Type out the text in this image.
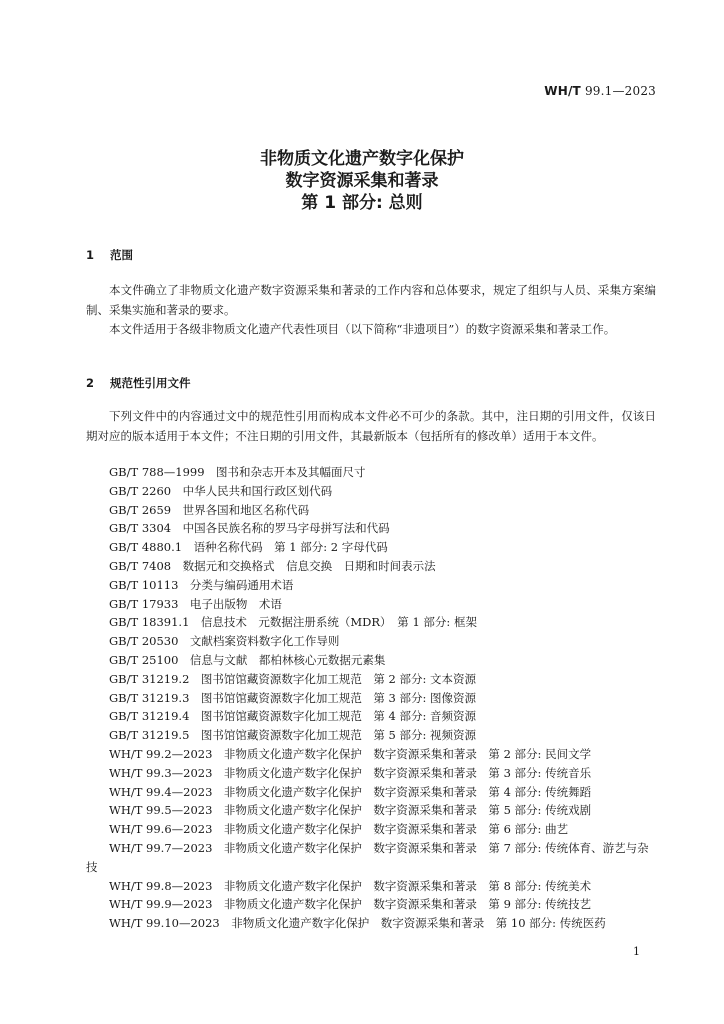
WH/T 99.1—2023
非物质文化遗产数字化保护
数字资源采集和著录
第 1 部分: 总则
1 范围
本文件确立了非物质文化遗产数字资源采集和著录的工作内容和总体要求，规定了组织与人员、采集方案编制、采集实施和著录的要求。
本文件适用于各级非物质文化遗产代表性项目（以下简称“非遗项目”）的数字资源采集和著录工作。
2 规范性引用文件
下列文件中的内容通过文中的规范性引用而构成本文件必不可少的条款。其中，注日期的引用文件，仅该日期对应的版本适用于本文件；不注日期的引用文件，其最新版本（包括所有的修改单）适用于本文件。
GB/T 788—1999　图书和杂志开本及其幅面尺寸
GB/T 2260　中华人民共和国行政区划代码
GB/T 2659　世界各国和地区名称代码
GB/T 3304　中国各民族名称的罗马字母拼写法和代码
GB/T 4880.1　语种名称代码　第 1 部分: 2 字母代码
GB/T 7408　数据元和交换格式　信息交换　日期和时间表示法
GB/T 10113　分类与编码通用术语
GB/T 17933　电子出版物　术语
GB/T 18391.1　信息技术　元数据注册系统（MDR）　第 1 部分: 框架
GB/T 20530　文献档案资料数字化工作导则
GB/T 25100　信息与文献　都柏林核心元数据元素集
GB/T 31219.2　图书馆馆藏资源数字化加工规范　第 2 部分: 文本资源
GB/T 31219.3　图书馆馆藏资源数字化加工规范　第 3 部分: 图像资源
GB/T 31219.4　图书馆馆藏资源数字化加工规范　第 4 部分: 音频资源
GB/T 31219.5　图书馆馆藏资源数字化加工规范　第 5 部分: 视频资源
WH/T 99.2—2023　非物质文化遗产数字化保护　数字资源采集和著录　第 2 部分: 民间文学
WH/T 99.3—2023　非物质文化遗产数字化保护　数字资源采集和著录　第 3 部分: 传统音乐
WH/T 99.4—2023　非物质文化遗产数字化保护　数字资源采集和著录　第 4 部分: 传统舞蹈
WH/T 99.5—2023　非物质文化遗产数字化保护　数字资源采集和著录　第 5 部分: 传统戏剧
WH/T 99.6—2023　非物质文化遗产数字化保护　数字资源采集和著录　第 6 部分: 曲艺
WH/T 99.7—2023　非物质文化遗产数字化保护　数字资源采集和著录　第 7 部分: 传统体育、游艺与杂技
WH/T 99.8—2023　非物质文化遗产数字化保护　数字资源采集和著录　第 8 部分: 传统美术
WH/T 99.9—2023　非物质文化遗产数字化保护　数字资源采集和著录　第 9 部分: 传统技艺
WH/T 99.10—2023　非物质文化遗产数字化保护　数字资源采集和著录　第 10 部分: 传统医药
1
